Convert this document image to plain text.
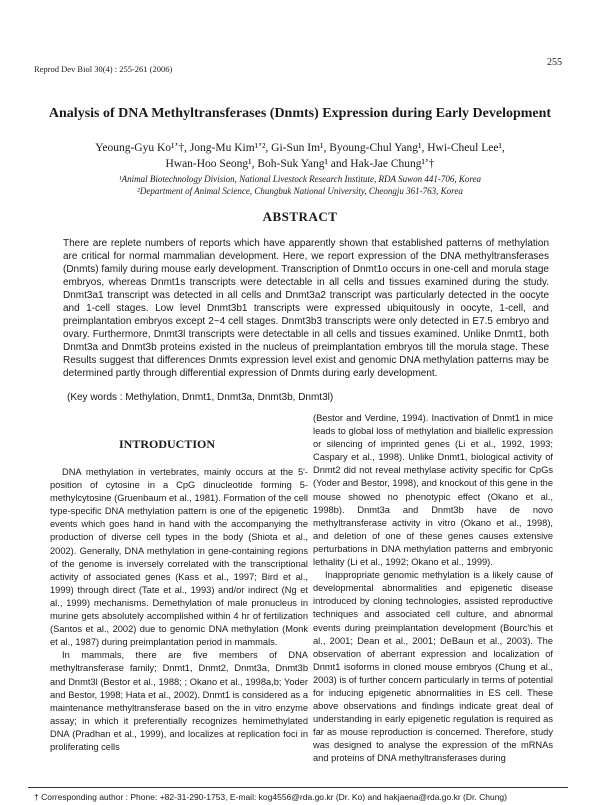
Reprod Dev Biol 30(4) : 255-261 (2006)
255
Analysis of DNA Methyltransferases (Dnmts) Expression during Early Development
Yeoung-Gyu Ko¹ʼ†, Jong-Mu Kim¹ʼ², Gi-Sun Im¹, Byoung-Chul Yang¹, Hwi-Cheul Lee¹,
Hwan-Hoo Seong¹, Boh-Suk Yang¹ and Hak-Jae Chung¹ʼ†
¹Animal Biotechnology Division, National Livestock Research Institute, RDA Suwon 441-706, Korea
²Department of Animal Science, Chungbuk National University, Cheongju 361-763, Korea
ABSTRACT
There are replete numbers of reports which have apparently shown that established patterns of methylation are critical for normal mammalian development. Here, we report expression of the DNA methyltransferases (Dnmts) family during mouse early development. Transcription of Dnmt1o occurs in one-cell and morula stage embryos, whereas Dnmt1s transcripts were detectable in all cells and tissues examined during the study. Dnmt3a1 transcript was detected in all cells and Dnmt3a2 transcript was particularly detected in the oocyte and 1-cell stages. Low level Dnmt3b1 transcripts were expressed ubiquitously in oocyte, 1-cell, and preimplantation embryos except 2~4 cell stages. Dnmt3b3 transcripts were only detected in E7.5 embryo and ovary. Furthermore, Dnmt3l transcripts were detectable in all cells and tissues examined. Unlike Dnmt1, both Dnmt3a and Dnmt3b proteins existed in the nucleus of preimplantation embryos till the morula stage. These Results suggest that differences Dnmts expression level exist and genomic DNA methylation patterns may be determined partly through differential expression of Dnmts during early development.
(Key words : Methylation, Dnmt1, Dnmt3a, Dnmt3b, Dnmt3l)
INTRODUCTION

DNA methylation in vertebrates, mainly occurs at the 5'-position of cytosine in a CpG dinucleotide forming 5-methylcytosine (Gruenbaum et al., 1981). Formation of the cell type-specific DNA methylation pattern is one of the epigenetic events which goes hand in hand with the accompanying the production of diverse cell types in the body (Shiota et al., 2002). Generally, DNA methylation in gene-containing regions of the genome is inversely correlated with the transcriptional activity of associated genes (Kass et al., 1997; Bird et al., 1999) through direct (Tate et al., 1993) and/or indirect (Ng et al., 1999) mechanisms. Demethylation of male pronucleus in murine gets absolutely accomplished within 4 hr of fertilization (Santos et al., 2002) due to genomic DNA methylation (Monk et al., 1987) during preimplantation period in mammals.

In mammals, there are five members of DNA methyltransferase family; Dnmt1, Dnmt2, Dnmt3a, Dnmt3b and Dnmt3l (Bestor et al., 1988; ; Okano et al., 1998a,b; Yoder and Bestor, 1998; Hata et al., 2002). Dnmt1 is considered as a maintenance methyltransferase based on the in vitro enzyme assay; in which it preferentially recognizes hemimethylated DNA (Pradhan et al., 1999), and localizes at replication foci in proliferating cells

(Bestor and Verdine, 1994). Inactivation of Dnmt1 in mice leads to global loss of methylation and biallelic expression or silencing of imprinted genes (Li et al., 1992, 1993; Caspary et al., 1998). Unlike Dnmt1, biological activity of Dnmt2 did not reveal methylase activity specific for CpGs (Yoder and Bestor, 1998), and knockout of this gene in the mouse showed no phenotypic effect (Okano et al., 1998b). Dnmt3a and Dnmt3b have de novo methyltransferase activity in vitro (Okano et al., 1998), and deletion of one of these genes causes extensive perturbations in DNA methylation patterns and embryonic lethality (Li et al., 1992; Okano et al., 1999).

Inappropriate genomic methylation is a likely cause of developmental abnormalities and epigenetic disease introduced by cloning technologies, assisted reproductive techniques and associated cell culture, and abnormal events during preimplantation development (Bourc'his et al., 2001; Dean et al., 2001; DeBaun et al., 2003). The observation of aberrant expression and localization of Dnmt1 isoforms in cloned mouse embryos (Chung et al., 2003) is of further concern particularly in terms of potential for inducing epigenetic abnormalities in ES cell. These above observations and findings indicate great deal of understanding in early epigenetic regulation is required as far as mouse reproduction is concerned. Therefore, study was designed to analyse the expression of the mRNAs and proteins of DNA methyltransferases during

† Corresponding author : Phone: +82-31-290-1753, E-mail: kog4556@rda.go.kr (Dr. Ko) and hakjaena@rda.go.kr (Dr. Chung)
